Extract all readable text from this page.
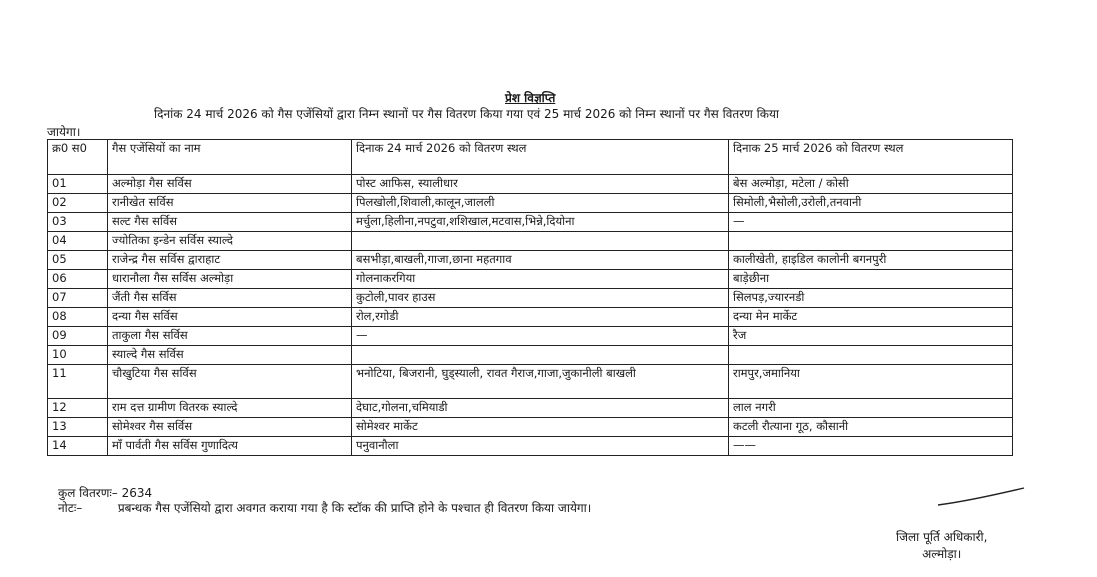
प्रेश विज्ञप्ति
दिनांक 24 मार्च 2026 को गैस एजेंसियों द्वारा निम्न स्थानों पर गैस वितरण किया गया एवं 25 मार्च 2026 को निम्न स्थानों पर गैस वितरण किया
जायेगा।
क्र0 स0	गैस एजेंसियों का नाम	दिनाक 24 मार्च 2026 को वितरण स्थल	दिनाक 25 मार्च 2026 को वितरण स्थल
01	अल्मोड़ा गैस सर्विस	पोस्ट आफिस, स्यालीधार	बेस अल्मोड़ा, मटेला / कोसी
02	रानीखेत सर्विस	पिलखोली,शिवाली,कालून,जालली	सिमोली,भैसोली,उरोली,तनवानी
03	सल्ट गैस सर्विस	मर्चुला,हिलीना,नपटुवा,शशिखाल,मटवास,भिन्ने,दियोना	—
04	ज्योतिका इन्डेन सर्विस स्याल्दे		
05	राजेन्द्र गैस सर्विस द्वाराहाट	बसभीड़ा,बाखली,गाजा,छाना महतगाव	कालीखेती, हाइडिल कालोनी बगनपुरी
06	धारानौला गैस सर्विस अल्मोड़ा	गोलनाकरगिया	बाड़ेछीना
07	जैंती गैस सर्विस	कुटोली,पावर हाउस	सिलपड़,ज्यारनडी
08	दन्या गैस सर्विस	रोल,रगोडी	दन्या मेन मार्केट
09	ताकुला गैस सर्विस	—	रैज
10	स्याल्दे गैस सर्विस		
11	चौखुटिया गैस सर्विस	भनोटिया, बिजरानी, घुड्स्याली, रावत गैराज,गाजा,जुकानीली बाखली	रामपुर,जमानिया
12	राम दत्त ग्रामीण वितरक स्याल्दे	देघाट,गोलना,चमियाडी	लाल नगरी
13	सोमेश्वर गैस सर्विस	सोमेश्वर मार्केट	कटली रौत्याना गूठ, कौसानी
14	माँ पार्वती गैस सर्विस गुणादित्य	पनुवानौला	——
कुल वितरणः– 2634
नोटः–	प्रबन्धक गैस एजेंसियो द्वारा अवगत कराया गया है कि स्टॉक की प्राप्ति होने के पश्चात ही वितरण किया जायेगा।
जिला पूर्ति अधिकारी,
अल्मोड़ा।
